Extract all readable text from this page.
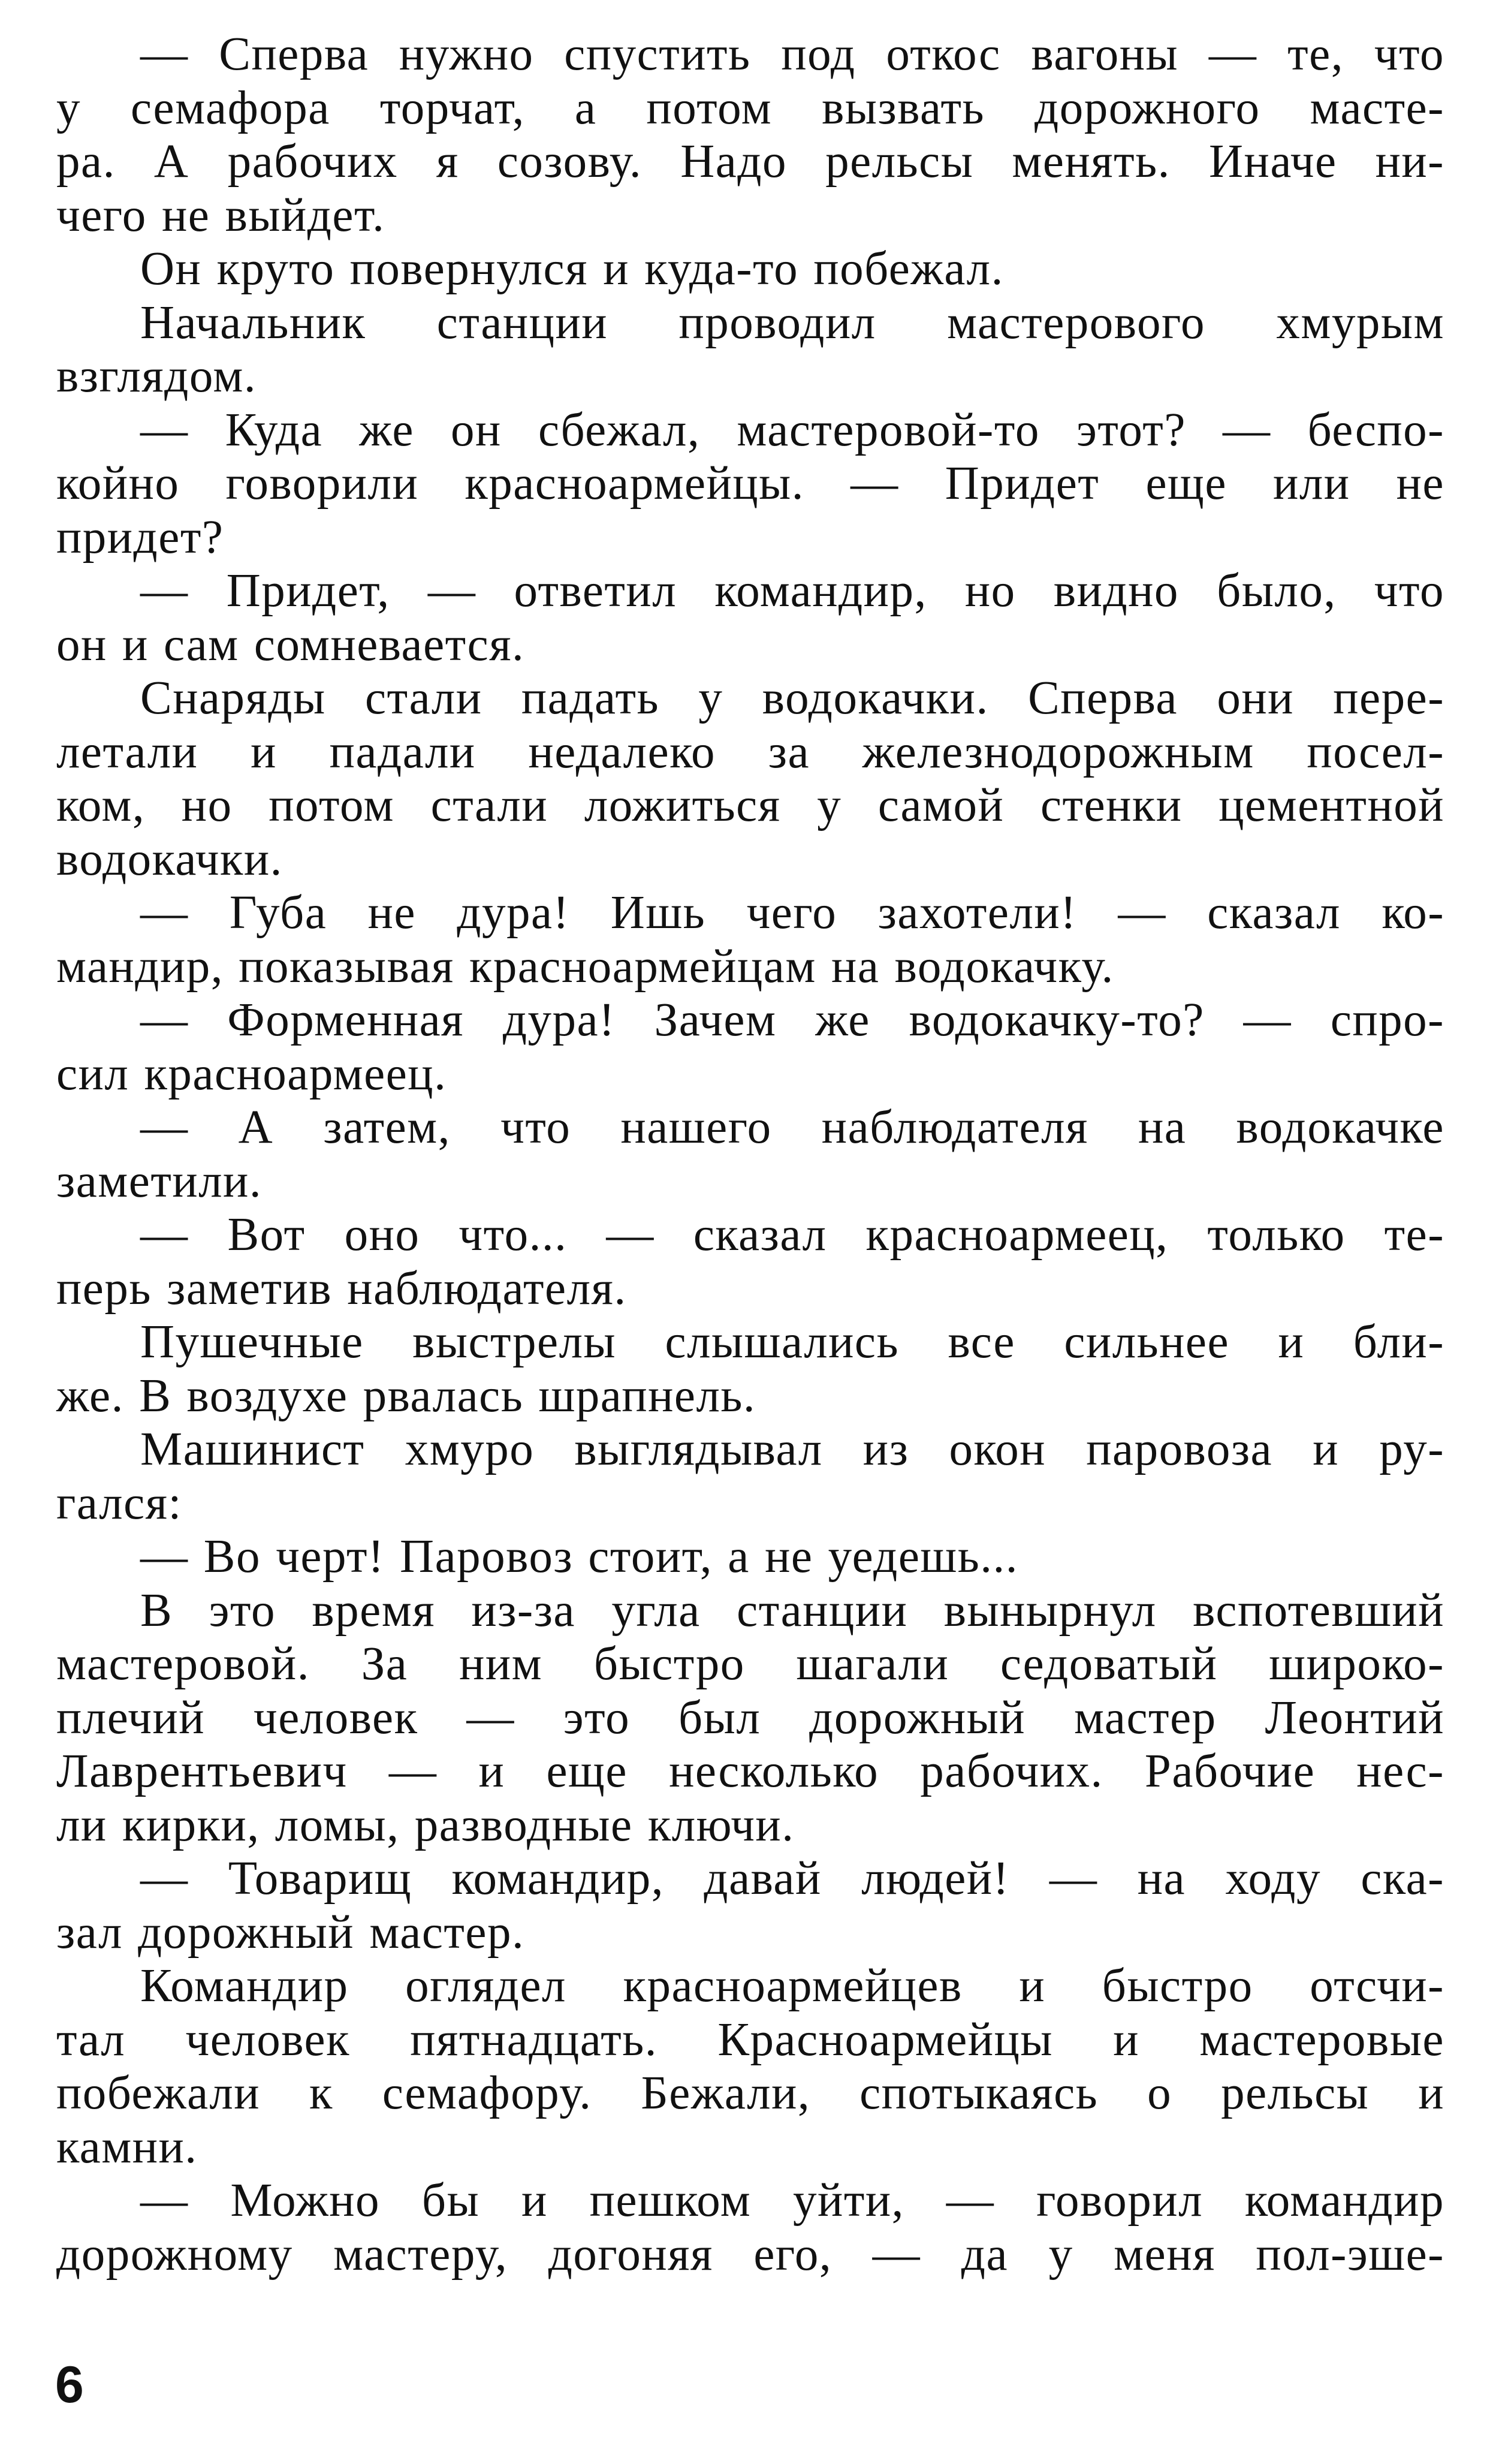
— Сперва нужно спустить под откос вагоны — те, что
у семафора торчат, а потом вызвать дорожного масте-
ра. А рабочих я созову. Надо рельсы менять. Иначе ни-
чего не выйдет.
Он круто повернулся и куда-то побежал.
Начальник станции проводил мастерового хмурым
взглядом.
— Куда же он сбежал, мастеровой-то этот? — беспо-
койно говорили красноармейцы. — Придет еще или не
придет?
— Придет, — ответил командир, но видно было, что
он и сам сомневается.
Снаряды стали падать у водокачки. Сперва они пере-
летали и падали недалеко за железнодорожным посел-
ком, но потом стали ложиться у самой стенки цементной
водокачки.
— Губа не дура! Ишь чего захотели! — сказал ко-
мандир, показывая красноармейцам на водокачку.
— Форменная дура! Зачем же водокачку-то? — спро-
сил красноармеец.
— А затем, что нашего наблюдателя на водокачке
заметили.
— Вот оно что... — сказал красноармеец, только те-
перь заметив наблюдателя.
Пушечные выстрелы слышались все сильнее и бли-
же. В воздухе рвалась шрапнель.
Машинист хмуро выглядывал из окон паровоза и ру-
гался:
— Во черт! Паровоз стоит, а не уедешь...
В это время из-за угла станции вынырнул вспотевший
мастеровой. За ним быстро шагали седоватый широко-
плечий человек — это был дорожный мастер Леонтий
Лаврентьевич — и еще несколько рабочих. Рабочие нес-
ли кирки, ломы, разводные ключи.
— Товарищ командир, давай людей! — на ходу ска-
зал дорожный мастер.
Командир оглядел красноармейцев и быстро отсчи-
тал человек пятнадцать. Красноармейцы и мастеровые
побежали к семафору. Бежали, спотыкаясь о рельсы и
камни.
— Можно бы и пешком уйти, — говорил командир
дорожному мастеру, догоняя его, — да у меня пол-эше-
6
